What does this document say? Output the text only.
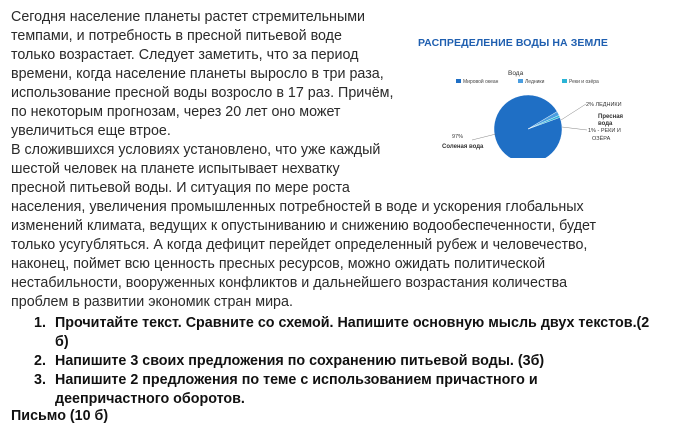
Сегодня население планеты растет стремительными
темпами, и потребность в пресной питьевой воде
только возрастает. Следует заметить, что за период
времени, когда население планеты выросло в три раза,
использование пресной воды возросло в 17 раз. Причём,
по некоторым прогнозам, через 20 лет оно может
увеличиться еще втрое.
В сложившихся условиях установлено, что уже каждый
шестой человек на планете испытывает нехватку
пресной питьевой воды. И ситуация по мере роста
населения, увеличения промышленных потребностей в воде и ускорения глобальных
изменений климата, ведущих к опустыниванию и снижению водообеспеченности, будет
только усугубляться. А когда дефицит перейдет определенный рубеж и человечество,
наконец, поймет всю ценность пресных ресурсов, можно ожидать политической
нестабильности, вооруженных конфликтов и дальнейшего возрастания количества
проблем в развитии экономик стран мира.
РАСПРЕДЕЛЕНИЕ ВОДЫ НА ЗЕМЛЕ
Вода
Мировой океан	Ледники	Реки и озёра
97%
Соленая вода
2% ЛЕДНИКИ
Пресная
вода
1% - РЕКИ И
ОЗЁРА
1. Прочитайте текст. Сравните со схемой. Напишите основную мысль двух текстов.(2
б)
2. Напишите 3 своих предложения по сохранению питьевой воды. (3б)
3. Напишите 2 предложения по теме с использованием причастного и
деепричастного оборотов.
Письмо (10 б)
